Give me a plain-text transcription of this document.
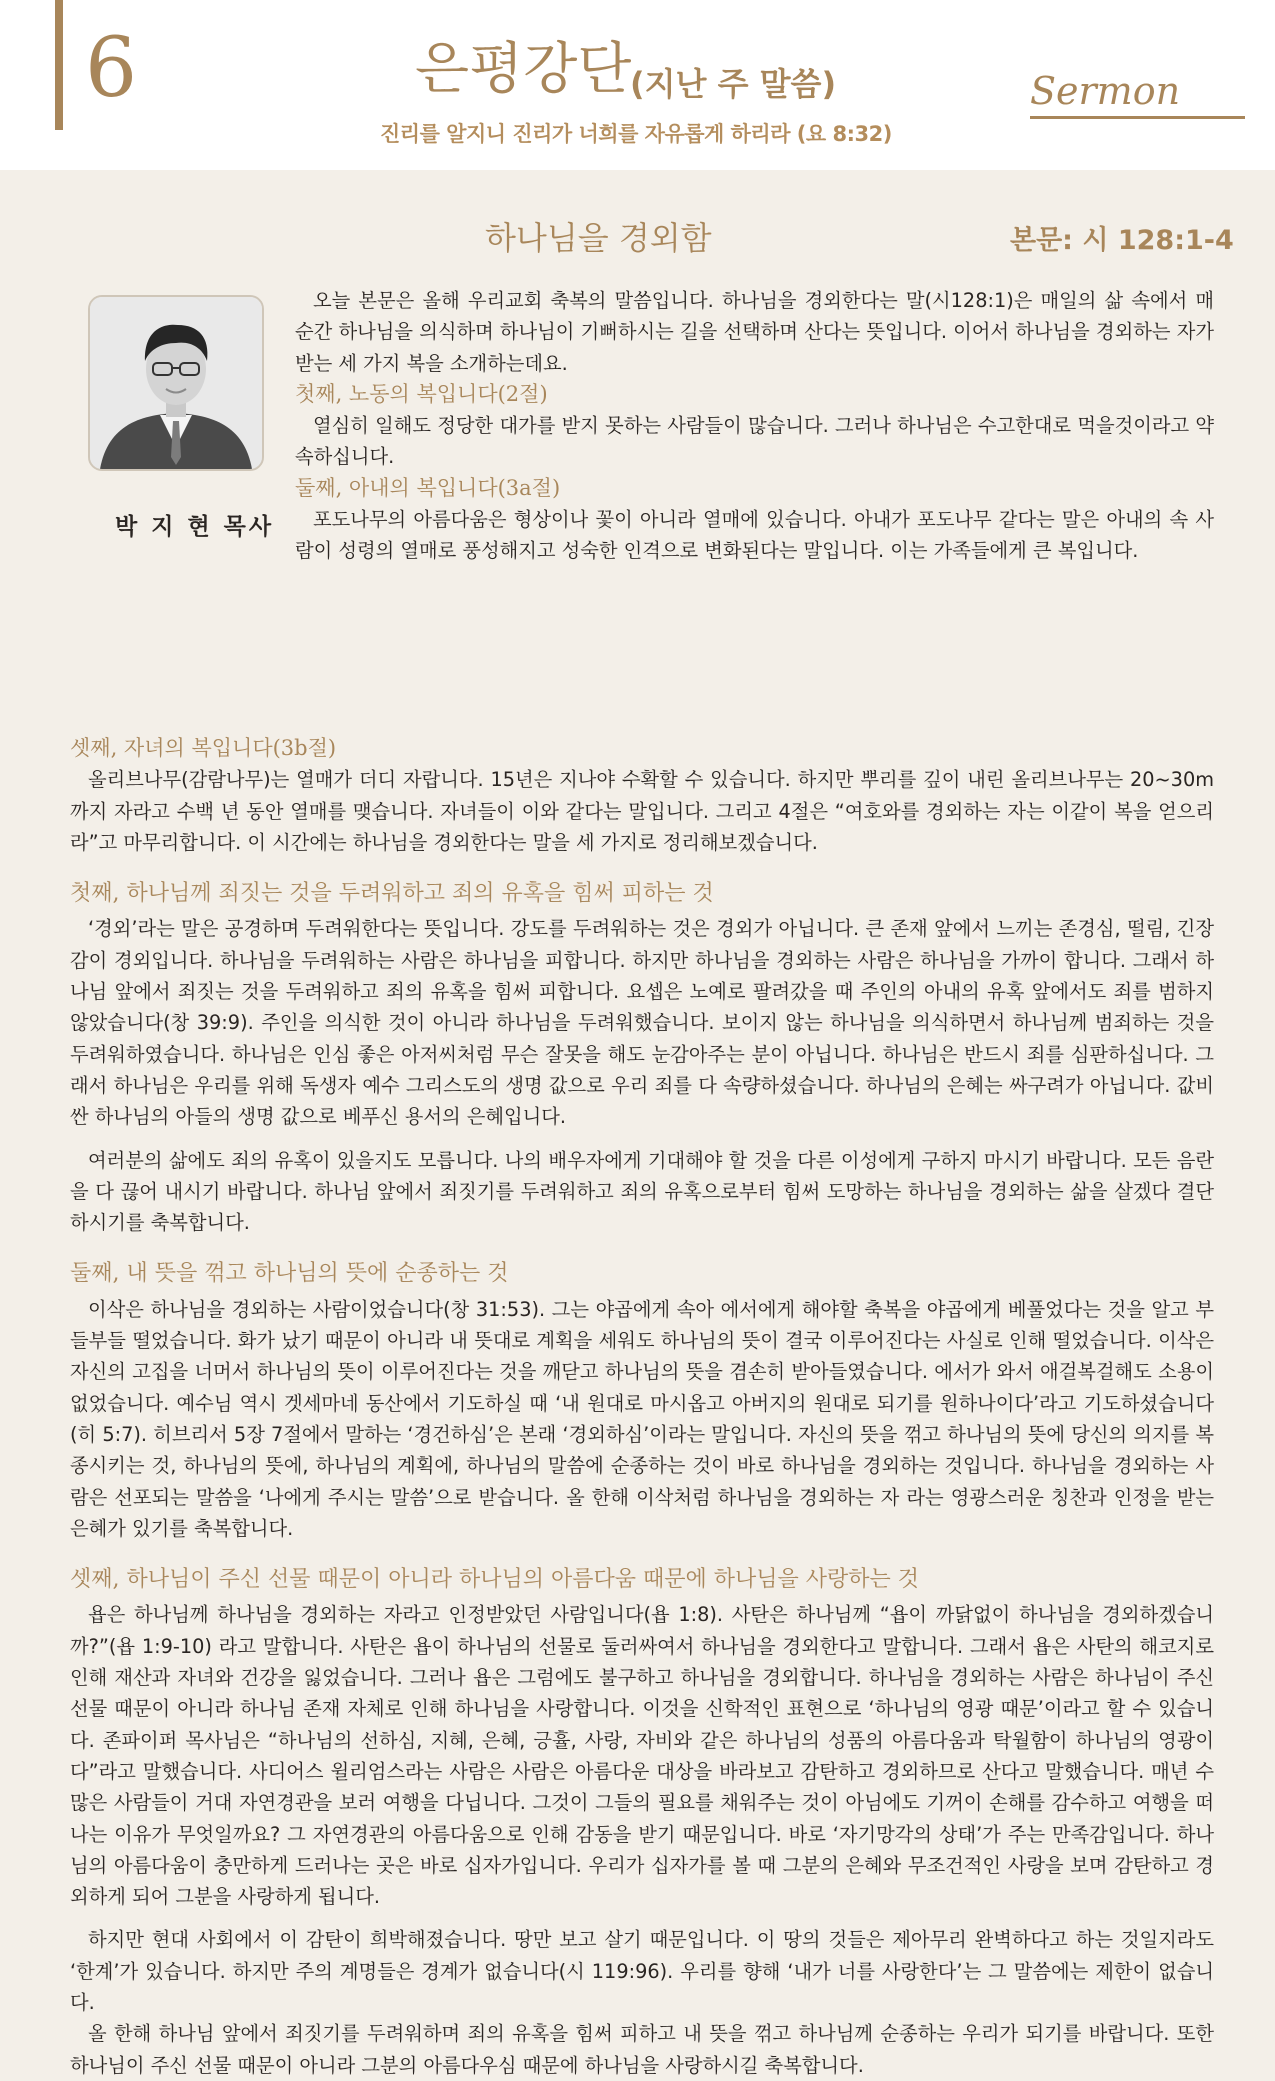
6	은평강단
(지난 주 말씀)	Sermon
진리를 알지니 진리가 너희를 자유롭게 하리라 (요 8:32)
하나님을 경외함	본문: 시 128:1-4
박 지 현 목사

오늘 본문은 올해 우리교회 축복의 말씀입니다. 하나님을 경외한다는 말(시128:1)은 매일의 삶 속에서 매 순간 하나님을 의식하며 하나님이 기뻐하시는 길을 선택하며 산다는 뜻입니다. 이어서 하나님을 경외하는 자가 받는 세 가지 복을 소개하는데요.

첫째, 노동의 복입니다(2절)

열심히 일해도 정당한 대가를 받지 못하는 사람들이 많습니다. 그러나 하나님은 수고한대로 먹을것이라고 약속하십니다.

둘째, 아내의 복입니다(3a절)

포도나무의 아름다움은 형상이나 꽃이 아니라 열매에 있습니다. 아내가 포도나무 같다는 말은 아내의 속 사람이 성령의 열매로 풍성해지고 성숙한 인격으로 변화된다는 말입니다. 이는 가족들에게 큰 복입니다.

셋째, 자녀의 복입니다(3b절)

올리브나무(감람나무)는 열매가 더디 자랍니다. 15년은 지나야 수확할 수 있습니다. 하지만 뿌리를 깊이 내린 올리브나무는 20~30m까지 자라고 수백 년 동안 열매를 맺습니다. 자녀들이 이와 같다는 말입니다. 그리고 4절은 “여호와를 경외하는 자는 이같이 복을 얻으리라”고 마무리합니다. 이 시간에는 하나님을 경외한다는 말을 세 가지로 정리해보겠습니다.

첫째, 하나님께 죄짓는 것을 두려워하고 죄의 유혹을 힘써 피하는 것

‘경외’라는 말은 공경하며 두려워한다는 뜻입니다. 강도를 두려워하는 것은 경외가 아닙니다. 큰 존재 앞에서 느끼는 존경심, 떨림, 긴장감이 경외입니다. 하나님을 두려워하는 사람은 하나님을 피합니다. 하지만 하나님을 경외하는 사람은 하나님을 가까이 합니다. 그래서 하나님 앞에서 죄짓는 것을 두려워하고 죄의 유혹을 힘써 피합니다. 요셉은 노예로 팔려갔을 때 주인의 아내의 유혹 앞에서도 죄를 범하지 않았습니다(창 39:9). 주인을 의식한 것이 아니라 하나님을 두려워했습니다. 보이지 않는 하나님을 의식하면서 하나님께 범죄하는 것을 두려워하였습니다. 하나님은 인심 좋은 아저씨처럼 무슨 잘못을 해도 눈감아주는 분이 아닙니다. 하나님은 반드시 죄를 심판하십니다. 그래서 하나님은 우리를 위해 독생자 예수 그리스도의 생명 값으로 우리 죄를 다 속량하셨습니다. 하나님의 은혜는 싸구려가 아닙니다. 값비싼 하나님의 아들의 생명 값으로 베푸신 용서의 은혜입니다.

여러분의 삶에도 죄의 유혹이 있을지도 모릅니다. 나의 배우자에게 기대해야 할 것을 다른 이성에게 구하지 마시기 바랍니다. 모든 음란을 다 끊어 내시기 바랍니다. 하나님 앞에서 죄짓기를 두려워하고 죄의 유혹으로부터 힘써 도망하는 하나님을 경외하는 삶을 살겠다 결단하시기를 축복합니다.

둘째, 내 뜻을 꺾고 하나님의 뜻에 순종하는 것

이삭은 하나님을 경외하는 사람이었습니다(창 31:53). 그는 야곱에게 속아 에서에게 해야할 축복을 야곱에게 베풀었다는 것을 알고 부들부들 떨었습니다. 화가 났기 때문이 아니라 내 뜻대로 계획을 세워도 하나님의 뜻이 결국 이루어진다는 사실로 인해 떨었습니다. 이삭은 자신의 고집을 너머서 하나님의 뜻이 이루어진다는 것을 깨닫고 하나님의 뜻을 겸손히 받아들였습니다. 에서가 와서 애걸복걸해도 소용이 없었습니다. 예수님 역시 겟세마네 동산에서 기도하실 때 ‘내 원대로 마시옵고 아버지의 원대로 되기를 원하나이다’라고 기도하셨습니다(히 5:7). 히브리서 5장 7절에서 말하는 ‘경건하심’은 본래 ‘경외하심’이라는 말입니다. 자신의 뜻을 꺾고 하나님의 뜻에 당신의 의지를 복종시키는 것, 하나님의 뜻에, 하나님의 계획에, 하나님의 말씀에 순종하는 것이 바로 하나님을 경외하는 것입니다. 하나님을 경외하는 사람은 선포되는 말씀을 ‘나에게 주시는 말씀’으로 받습니다. 올 한해 이삭처럼 하나님을 경외하는 자 라는 영광스러운 칭찬과 인정을 받는 은혜가 있기를 축복합니다.

셋째, 하나님이 주신 선물 때문이 아니라 하나님의 아름다움 때문에 하나님을 사랑하는 것

욥은 하나님께 하나님을 경외하는 자라고 인정받았던 사람입니다(욥 1:8). 사탄은 하나님께 “욥이 까닭없이 하나님을 경외하겠습니까?”(욥 1:9-10) 라고 말합니다. 사탄은 욥이 하나님의 선물로 둘러싸여서 하나님을 경외한다고 말합니다. 그래서 욥은 사탄의 해코지로인해 재산과 자녀와 건강을 잃었습니다. 그러나 욥은 그럼에도 불구하고 하나님을 경외합니다. 하나님을 경외하는 사람은 하나님이 주신 선물 때문이 아니라 하나님 존재 자체로 인해 하나님을 사랑합니다. 이것을 신학적인 표현으로 ‘하나님의 영광 때문’이라고 할 수 있습니다. 존파이퍼 목사님은 “하나님의 선하심, 지혜, 은혜, 긍휼, 사랑, 자비와 같은 하나님의 성품의 아름다움과 탁월함이 하나님의 영광이다”라고 말했습니다. 사디어스 윌리엄스라는 사람은 사람은 아름다운 대상을 바라보고 감탄하고 경외하므로 산다고 말했습니다. 매년 수많은 사람들이 거대 자연경관을 보러 여행을 다닙니다. 그것이 그들의 필요를 채워주는 것이 아님에도 기꺼이 손해를 감수하고 여행을 떠나는 이유가 무엇일까요? 그 자연경관의 아름다움으로 인해 감동을 받기 때문입니다. 바로 ‘자기망각의 상태’가 주는 만족감입니다. 하나님의 아름다움이 충만하게 드러나는 곳은 바로 십자가입니다. 우리가 십자가를 볼 때 그분의 은혜와 무조건적인 사랑을 보며 감탄하고 경외하게 되어 그분을 사랑하게 됩니다.

하지만 현대 사회에서 이 감탄이 희박해졌습니다. 땅만 보고 살기 때문입니다. 이 땅의 것들은 제아무리 완벽하다고 하는 것일지라도 ‘한계’가 있습니다. 하지만 주의 계명들은 경계가 없습니다(시 119:96). 우리를 향해 ‘내가 너를 사랑한다’는 그 말씀에는 제한이 없습니다.

올 한해 하나님 앞에서 죄짓기를 두려워하며 죄의 유혹을 힘써 피하고 내 뜻을 꺾고 하나님께 순종하는 우리가 되기를 바랍니다. 또한 하나님이 주신 선물 때문이 아니라 그분의 아름다우심 때문에 하나님을 사랑하시길 축복합니다.
